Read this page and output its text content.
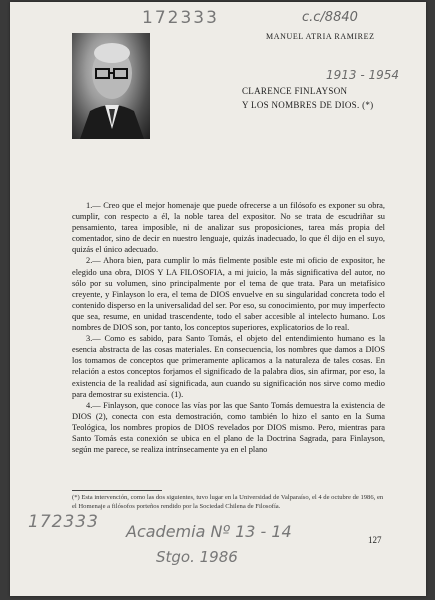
172333	c.c/8840
MANUEL ATRIA RAMIREZ
1913 - 1954
CLARENCE FINLAYSON
Y LOS NOMBRES DE DIOS. (*)

1.— Creo que el mejor homenaje que puede ofrecerse a un filósofo es exponer su obra, cumplir, con respecto a él, la noble tarea del expositor. No se trata de escudriñar su pensamiento, tarea imposible, ni de analizar sus proposiciones, tarea más propia del comentador, sino de decir en nuestro lenguaje, quizás inadecuado, lo que él dijo en el suyo, quizás el único adecuado.

2.— Ahora bien, para cumplir lo más fielmente posible este mi oficio de expositor, he elegido una obra, DIOS Y LA FILOSOFIA, a mi juicio, la más significativa del autor, no sólo por su volumen, sino principalmente por el tema de que trata. Para un metafísico creyente, y Finlayson lo era, el tema de DIOS envuelve en su singularidad concreta todo el contenido disperso en la universalidad del ser. Por eso, su conocimiento, por muy imperfecto que sea, resume, en unidad trascendente, todo el saber accesible al intelecto humano. Los nombres de DIOS son, por tanto, los conceptos superiores, explicatorios de lo real.

3.— Como es sabido, para Santo Tomás, el objeto del entendimiento humano es la esencia abstracta de las cosas materiales. En consecuencia, los nombres que damos a DIOS los tomamos de conceptos que primeramente aplicamos a la naturaleza de tales cosas. En relación a estos conceptos forjamos el significado de la palabra dios, sin afirmar, por eso, la existencia de la realidad así significada, aun cuando su significación nos sirve como medio para demostrar su existencia. (1).

4.— Finlayson, que conoce las vías por las que Santo Tomás demuestra la existencia de DIOS (2), conecta con esta demostración, como también lo hizo el santo en la Suma Teológica, los nombres propios de DIOS revelados por DIOS mismo. Pero, mientras para Santo Tomás esta conexión se ubica en el plano de la Doctrina Sagrada, para Finlayson, según me parece, se realiza intrínsecamente ya en el plano

(*) Esta intervención, como las dos siguientes, tuvo lugar en la Universidad de Valparaíso, el 4 de octubre de 1986, en el Homenaje a filósofos porteños rendido por la Sociedad Chilena de Filosofía.
172333 Academia Nº 13 - 14
Stgo. 1986
127
